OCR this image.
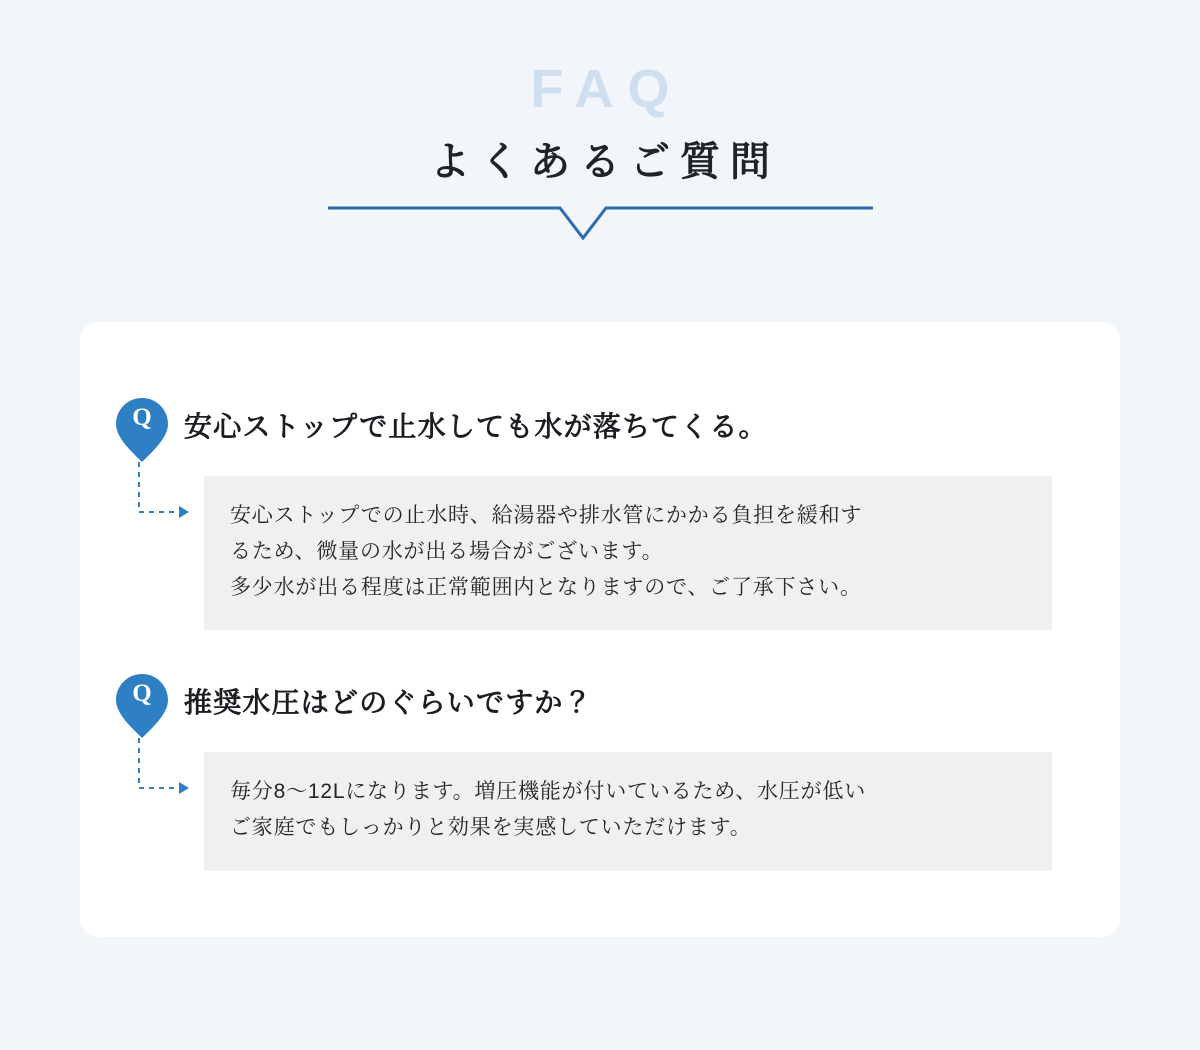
FAQ
よくあるご質問
Q	安心ストップで止水しても水が落ちてくる。

安心ストップでの止水時、給湯器や排水管にかかる負担を緩和す

るため、微量の水が出る場合がございます。

多少水が出る程度は正常範囲内となりますので、ご了承下さい。

Q	推奨水圧はどのぐらいですか？

毎分8〜12Lになります。増圧機能が付いているため、水圧が低い

ご家庭でもしっかりと効果を実感していただけます。
